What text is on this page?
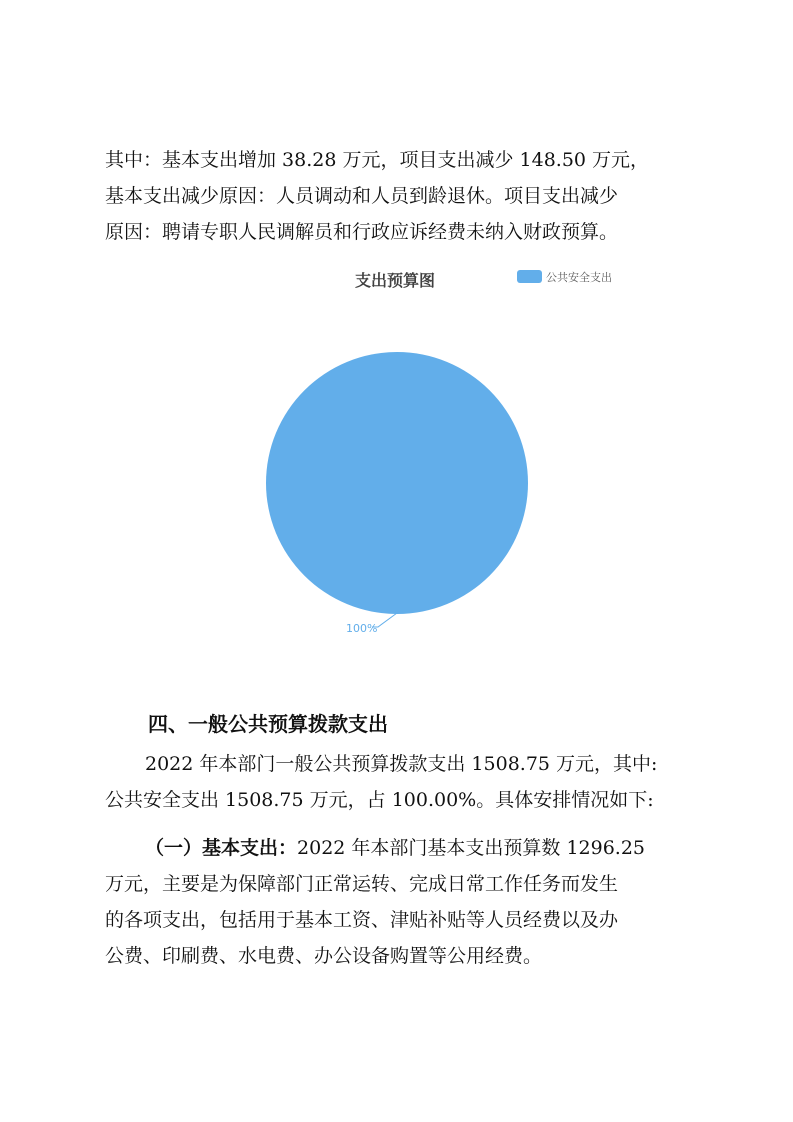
其中：基本支出增加 38.28 万元，项目支出减少 148.50 万元，
基本支出减少原因：人员调动和人员到龄退休。项目支出减少
原因：聘请专职人民调解员和行政应诉经费未纳入财政预算。
支出预算图	公共安全支出
100%
四、一般公共预算拨款支出
2022 年本部门一般公共预算拨款支出 1508.75 万元，其中:
公共安全支出 1508.75 万元，占 100.00%。具体安排情况如下:
（一）基本支出：2022 年本部门基本支出预算数 1296.25
万元，主要是为保障部门正常运转、完成日常工作任务而发生
的各项支出，包括用于基本工资、津贴补贴等人员经费以及办
公费、印刷费、水电费、办公设备购置等公用经费。
